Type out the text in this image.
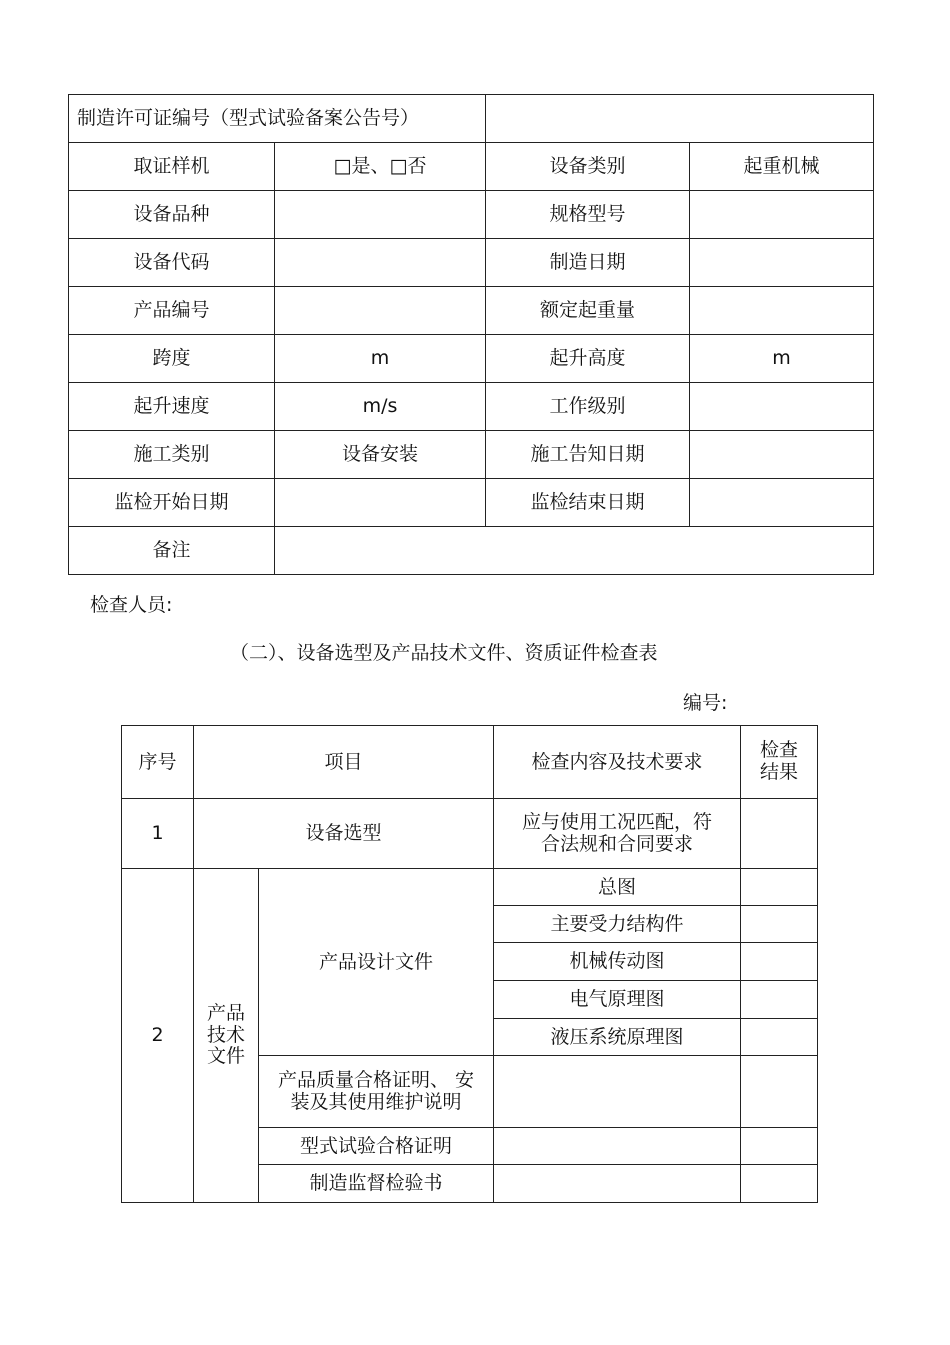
制造许可证编号（型式试验备案公告号）			
取证样机	□是、□否	设备类别	起重机械
设备品种		规格型号	
设备代码		制造日期	
产品编号		额定起重量	
跨度	m	起升高度	m
起升速度	m/s	工作级别	
施工类别	设备安装	施工告知日期	
监检开始日期		监检结束日期	
备注			
检查人员:
（二）、设备选型及产品技术文件、资质证件检查表
编号:
序号	项目		检查内容及技术要求	检查结果

1	设备选型		应与使用工况匹配，符合法规和合同要求	

2	产品技术文件	产品设计文件	总图	
			主要受力结构件	
			机械传动图	
			电气原理图	
			液压系统原理图	

		产品质量合格证明、 安装及其使用维护说明		

		型式试验合格证明		
		制造监督检验书		
